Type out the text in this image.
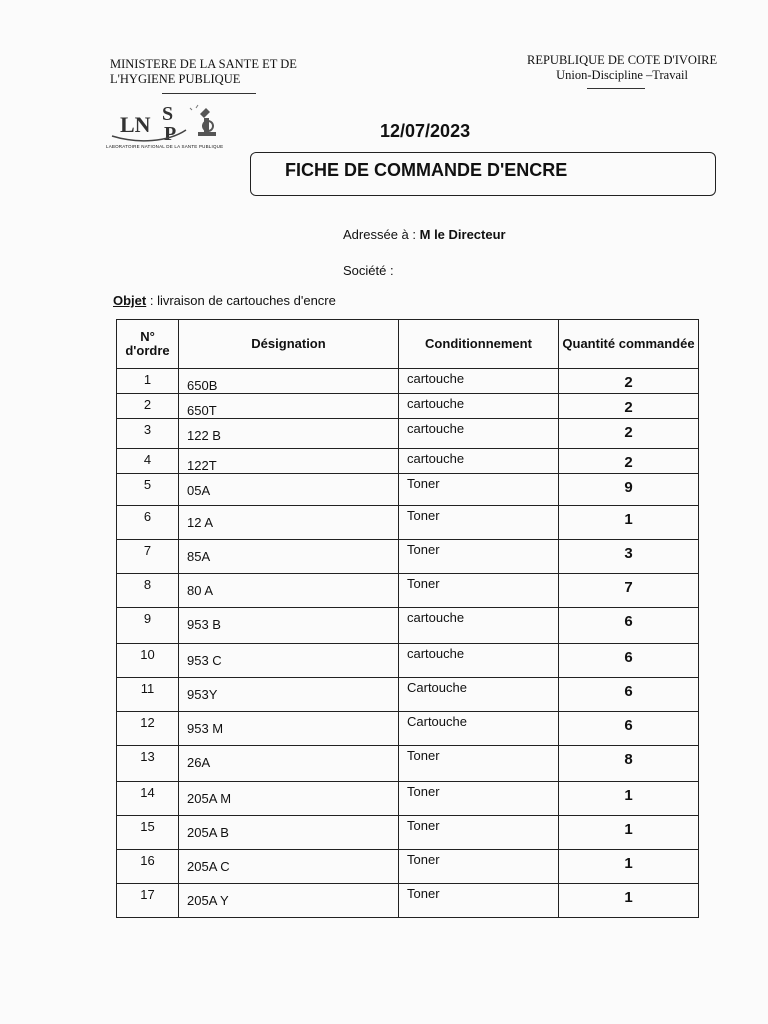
MINISTERE DE LA SANTE ET DE
L'HYGIENE PUBLIQUE
REPUBLIQUE DE COTE D'IVOIRE
Union-Discipline –Travail
LN S
P
LABORATOIRE NATIONAL DE LA SANTE PUBLIQUE
12/07/2023
FICHE DE COMMANDE D'ENCRE
Adressée à : M le Directeur
Société :
Objet : livraison de cartouches d'encre
N° d'ordre	Désignation	Conditionnement	Quantité commandée
1	650B	cartouche	2
2	650T	cartouche	2
3	122 B	cartouche	2
4	122T	cartouche	2
5	05A	Toner	9
6	12 A	Toner	1
7	85A	Toner	3
8	80 A	Toner	7
9	953 B	cartouche	6
10	953 C	cartouche	6
11	953Y	Cartouche	6
12	953 M	Cartouche	6
13	26A	Toner	8
14	205A M	Toner	1
15	205A B	Toner	1
16	205A C	Toner	1
17	205A Y	Toner	1
